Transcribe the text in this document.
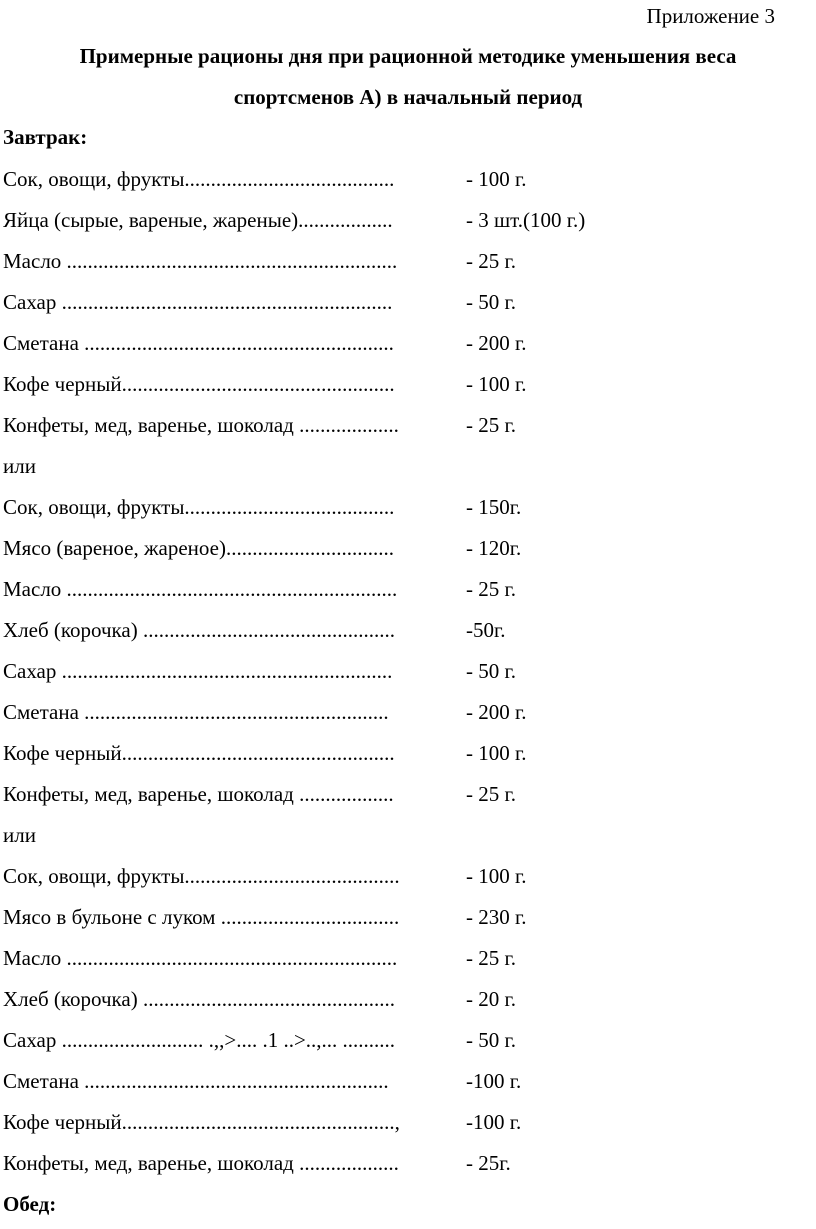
Приложение 3
Примерные рационы дня при рационной методике уменьшения веса
спортсменов А) в начальный период
Завтрак:
Сок, овощи, фрукты........................................	- 100 г.
Яйца (сырые, вареные, жареные)..................	- 3 шт.(100 г.)
Масло ...............................................................	- 25 г.
Сахар ...............................................................	- 50 г.
Сметана ...........................................................	- 200 г.
Кофе черный....................................................	- 100 г.
Конфеты, мед, варенье, шоколад ...................	- 25 г.
или
Сок, овощи, фрукты........................................	- 150г.
Мясо (вареное, жареное)................................	- 120г.
Масло ...............................................................	- 25 г.
Хлеб (корочка) ................................................	-50г.
Сахар ...............................................................	- 50 г.
Сметана ..........................................................	- 200 г.
Кофе черный....................................................	- 100 г.
Конфеты, мед, варенье, шоколад ..................	- 25 г.
или
Сок, овощи, фрукты.........................................	- 100 г.
Мясо в бульоне с луком ..................................	- 230 г.
Масло ...............................................................	- 25 г.
Хлеб (корочка) ................................................	- 20 г.
Сахар ........................... .,,>.... .1 ..>..,... ..........	- 50 г.
Сметана ..........................................................	-100 г.
Кофе черный....................................................,	-100 г.
Конфеты, мед, варенье, шоколад ...................	- 25г.
Обед:
